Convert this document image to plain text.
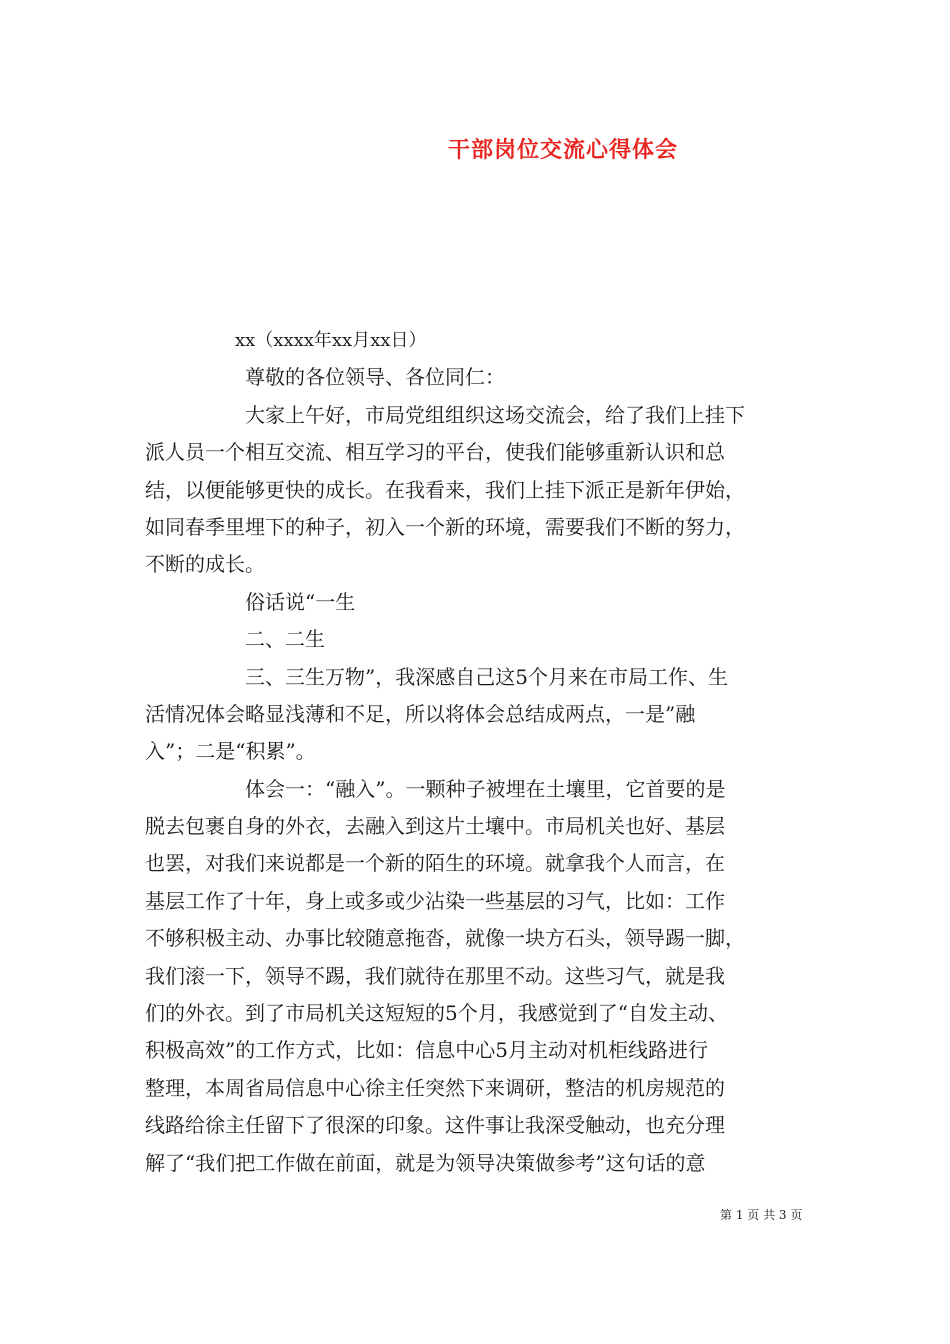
干部岗位交流心得体会
xx（xxxx年xx月xx日）
尊敬的各位领导、各位同仁：
大家上午好，市局党组组织这场交流会，给了我们上挂下
派人员一个相互交流、相互学习的平台，使我们能够重新认识和总
结，以便能够更快的成长。在我看来，我们上挂下派正是新年伊始，
如同春季里埋下的种子，初入一个新的环境，需要我们不断的努力，
不断的成长。
俗话说“一生
二、二生
三、三生万物”，我深感自己这5个月来在市局工作、生
活情况体会略显浅薄和不足，所以将体会总结成两点，一是”融
入”；二是“积累”。
体会一：“融入”。一颗种子被埋在土壤里，它首要的是
脱去包裹自身的外衣，去融入到这片土壤中。市局机关也好、基层
也罢，对我们来说都是一个新的陌生的环境。就拿我个人而言，在
基层工作了十年，身上或多或少沾染一些基层的习气，比如：工作
不够积极主动、办事比较随意拖沓，就像一块方石头，领导踢一脚，
我们滚一下，领导不踢，我们就待在那里不动。这些习气，就是我
们的外衣。到了市局机关这短短的5个月，我感觉到了“自发主动、
积极高效”的工作方式，比如：信息中心5月主动对机柜线路进行
整理，本周省局信息中心徐主任突然下来调研，整洁的机房规范的
线路给徐主任留下了很深的印象。这件事让我深受触动，也充分理
解了“我们把工作做在前面，就是为领导决策做参考”这句话的意
第 1 页 共 3 页
